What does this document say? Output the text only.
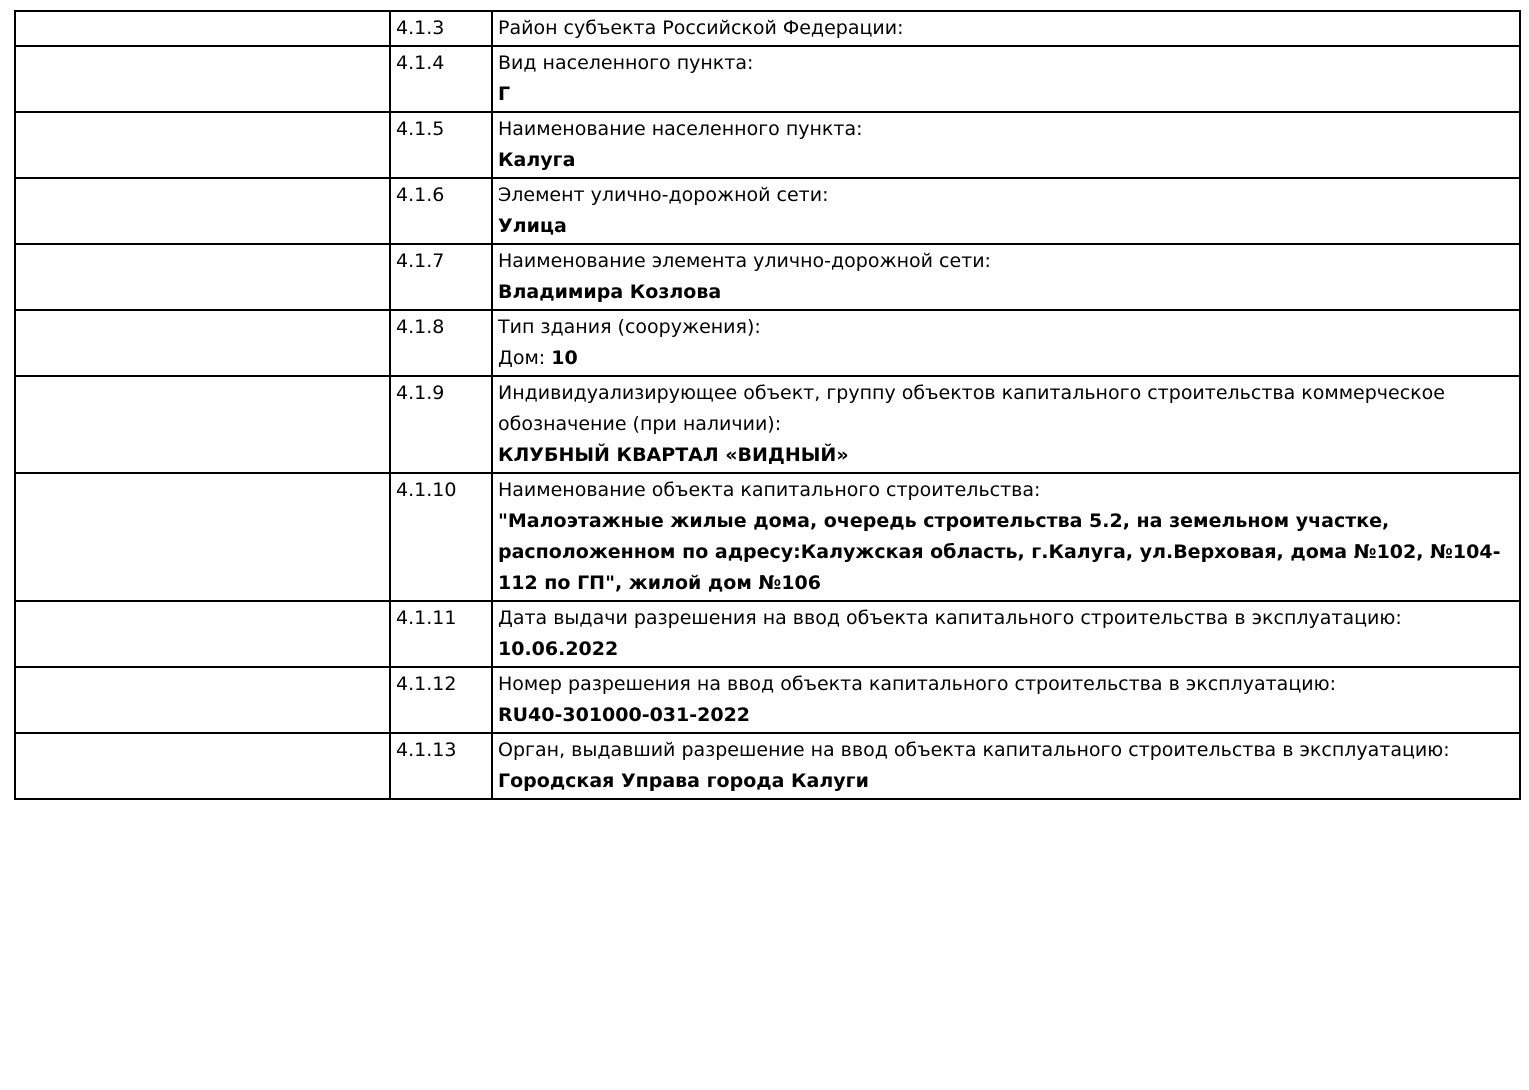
	4.1.3	Район субъекта Российской Федерации:
	4.1.4	Вид населенного пункта:
Г

	4.1.5	Наименование населенного пункта:
Калуга

	4.1.6	Элемент улично-дорожной сети:
Улица

	4.1.7	Наименование элемента улично-дорожной сети:
Владимира Козлова

	4.1.8	Тип здания (сооружения):
Дом: 10

	4.1.9	Индивидуализирующее объект, группу объектов капитального строительства коммерческое обозначение (при наличии):
КЛУБНЫЙ КВАРТАЛ «ВИДНЫЙ»

	4.1.10	Наименование объекта капитального строительства:
"Малоэтажные жилые дома, очередь строительства 5.2, на земельном участке, расположенном по адресу:Калужская область, г.Калуга, ул.Верховая, дома №102, №104-112 по ГП", жилой дом №106

	4.1.11	Дата выдачи разрешения на ввод объекта капитального строительства в эксплуатацию:
10.06.2022

	4.1.12	Номер разрешения на ввод объекта капитального строительства в эксплуатацию:
RU40-301000-031-2022

	4.1.13	Орган, выдавший разрешение на ввод объекта капитального строительства в эксплуатацию:
Городская Управа города Калуги
